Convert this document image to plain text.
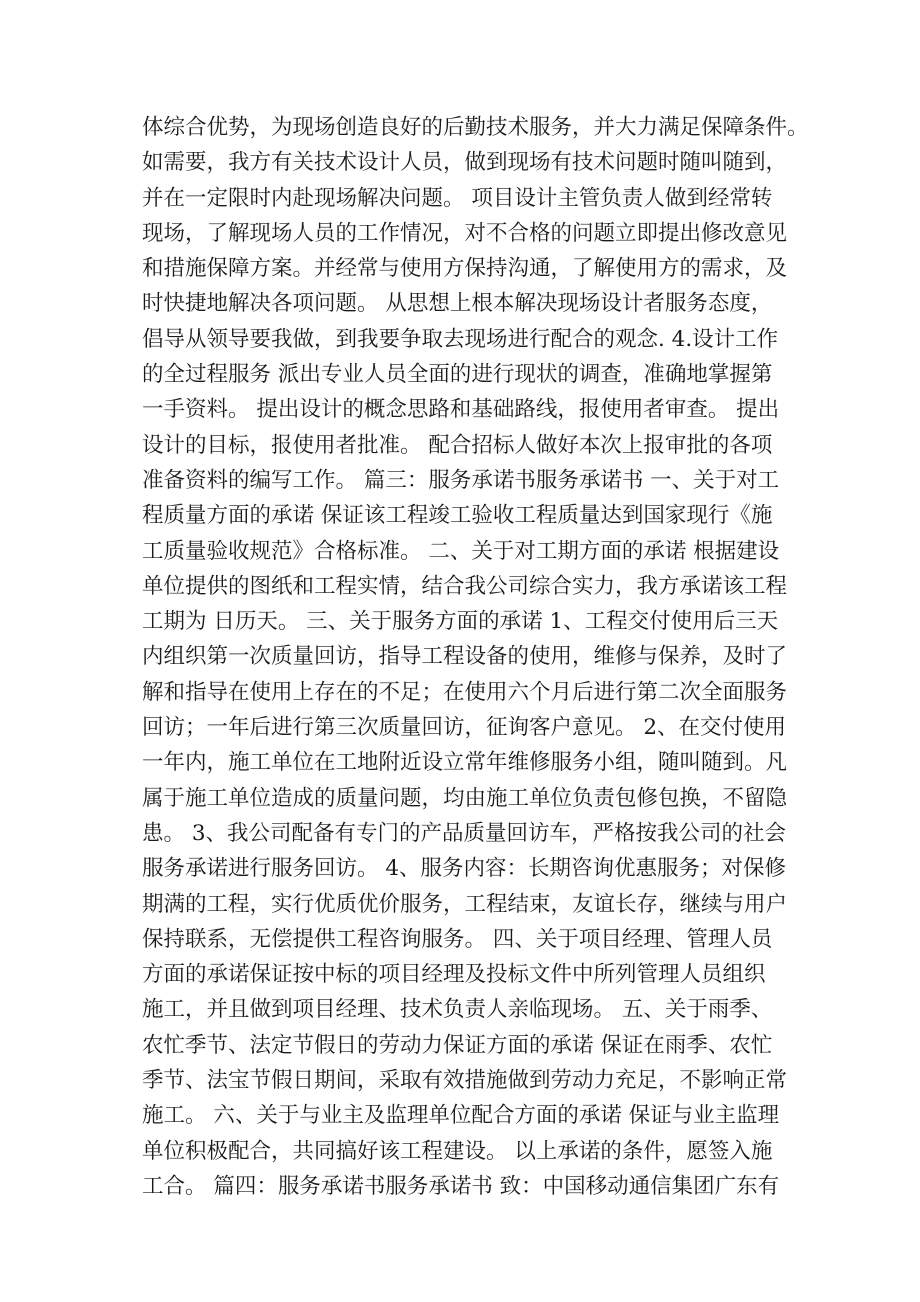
体综合优势，为现场创造良好的后勤技术服务，并大力满足保障条件。
如需要，我方有关技术设计人员，做到现场有技术问题时随叫随到，
并在一定限时内赴现场解决问题。 项目设计主管负责人做到经常转
现场，了解现场人员的工作情况，对不合格的问题立即提出修改意见
和措施保障方案。并经常与使用方保持沟通，了解使用方的需求，及
时快捷地解决各项问题。 从思想上根本解决现场设计者服务态度，
倡导从领导要我做，到我要争取去现场进行配合的观念. 4.设计工作
的全过程服务 派出专业人员全面的进行现状的调查，准确地掌握第
一手资料。 提出设计的概念思路和基础路线，报使用者审查。 提出
设计的目标，报使用者批准。 配合招标人做好本次上报审批的各项
准备资料的编写工作。 篇三：服务承诺书服务承诺书 一、关于对工
程质量方面的承诺 保证该工程竣工验收工程质量达到国家现行《施
工质量验收规范》合格标准。 二、关于对工期方面的承诺 根据建设
单位提供的图纸和工程实情，结合我公司综合实力，我方承诺该工程
工期为 日历天。 三、关于服务方面的承诺 1、工程交付使用后三天
内组织第一次质量回访，指导工程设备的使用，维修与保养，及时了
解和指导在使用上存在的不足；在使用六个月后进行第二次全面服务
回访；一年后进行第三次质量回访，征询客户意见。 2、在交付使用
一年内，施工单位在工地附近设立常年维修服务小组，随叫随到。凡
属于施工单位造成的质量问题，均由施工单位负责包修包换，不留隐
患。 3、我公司配备有专门的产品质量回访车，严格按我公司的社会
服务承诺进行服务回访。 4、服务内容：长期咨询优惠服务；对保修
期满的工程，实行优质优价服务，工程结束，友谊长存，继续与用户
保持联系，无偿提供工程咨询服务。 四、关于项目经理、管理人员
方面的承诺保证按中标的项目经理及投标文件中所列管理人员组织
施工，并且做到项目经理、技术负责人亲临现场。 五、关于雨季、
农忙季节、法定节假日的劳动力保证方面的承诺 保证在雨季、农忙
季节、法宝节假日期间，采取有效措施做到劳动力充足，不影响正常
施工。 六、关于与业主及监理单位配合方面的承诺 保证与业主监理
单位积极配合，共同搞好该工程建设。 以上承诺的条件，愿签入施
工合。 篇四：服务承诺书服务承诺书 致：中国移动通信集团广东有
